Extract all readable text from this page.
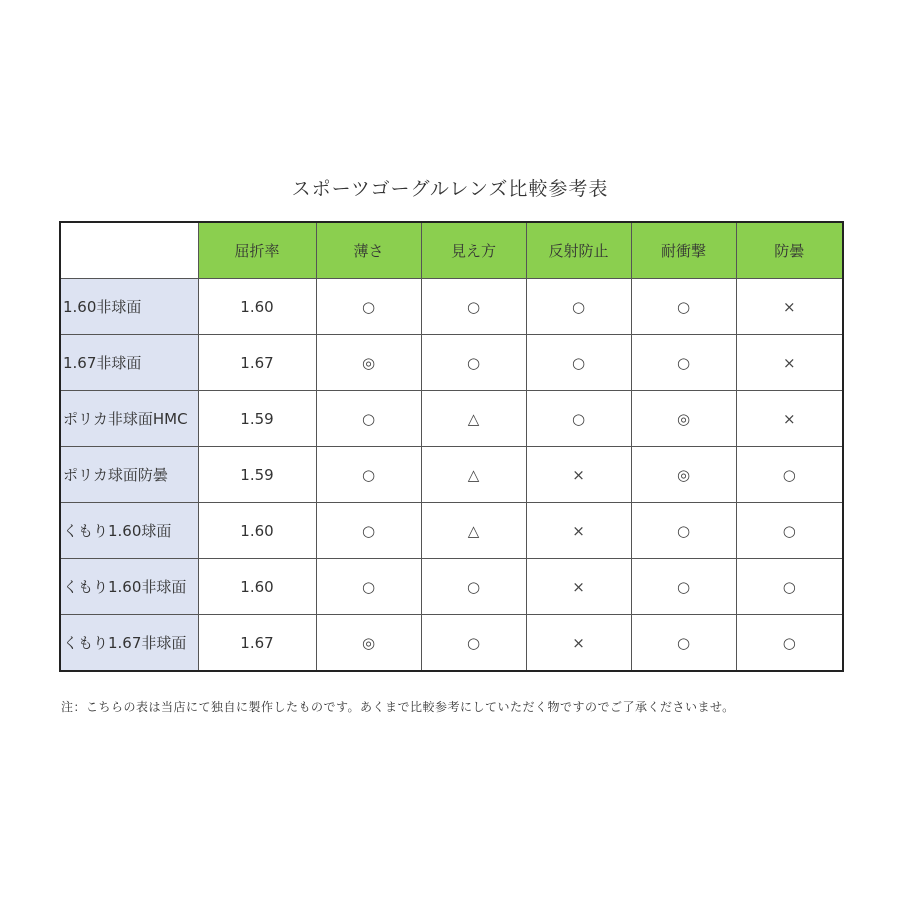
スポーツゴーグルレンズ比較参考表
	屈折率	薄さ	見え方	反射防止	耐衝撃	防曇
1.60非球面	1.60	○	○	○	○	×
1.67非球面	1.67	◎	○	○	○	×
ポリカ非球面HMC	1.59	○	△	○	◎	×
ポリカ球面防曇	1.59	○	△	×	◎	○
くもり1.60球面	1.60	○	△	×	○	○
くもり1.60非球面	1.60	○	○	×	○	○
くもり1.67非球面	1.67	◎	○	×	○	○
注：こちらの表は当店にて独自に製作したものです。あくまで比較参考にしていただく物ですのでご了承くださいませ。
